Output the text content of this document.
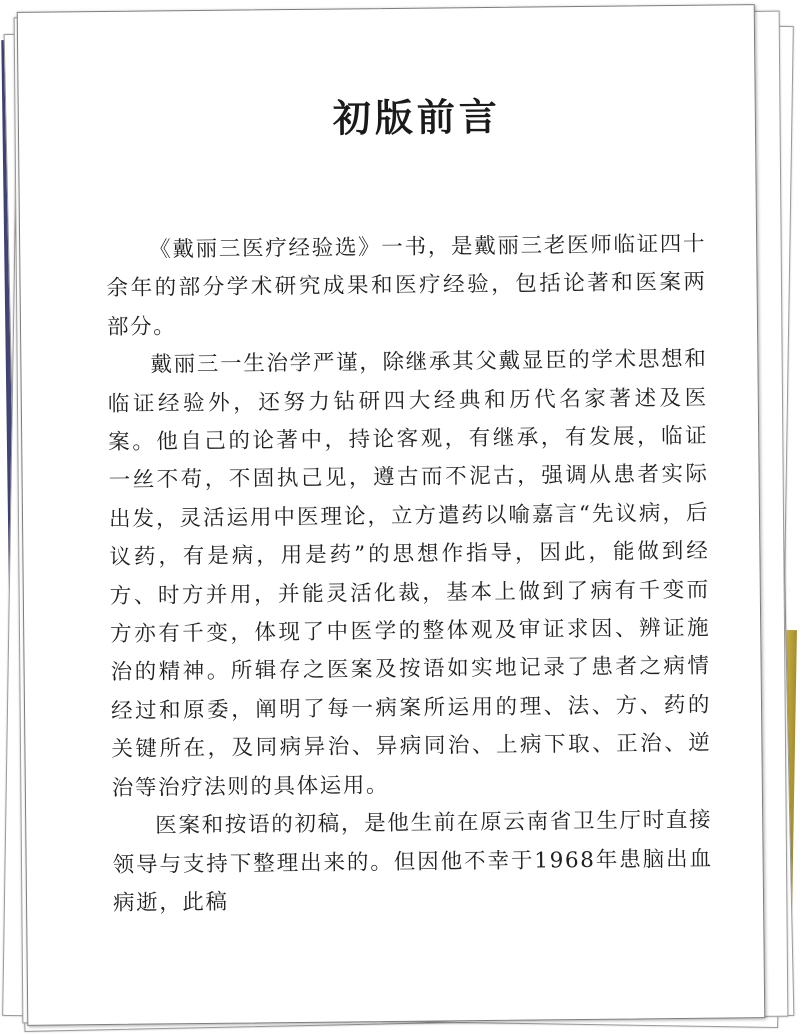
初版前言

《戴丽三医疗经验选》一书，是戴丽三老医师临证四十余年的部分学术研究成果和医疗经验，包括论著和医案两部分。

戴丽三一生治学严谨，除继承其父戴显臣的学术思想和临证经验外，还努力钻研四大经典和历代名家著述及医案。他自己的论著中，持论客观，有继承，有发展，临证一丝不苟，不固执己见，遵古而不泥古，强调从患者实际出发，灵活运用中医理论，立方遣药以喻嘉言“先议病，后议药，有是病，用是药”的思想作指导，因此，能做到经方、时方并用，并能灵活化裁，基本上做到了病有千变而方亦有千变，体现了中医学的整体观及审证求因、辨证施治的精神。所辑存之医案及按语如实地记录了患者之病情经过和原委，阐明了每一病案所运用的理、法、方、药的关键所在，及同病异治、异病同治、上病下取、正治、逆治等治疗法则的具体运用。

医案和按语的初稿，是他生前在原云南省卫生厅时直接领导与支持下整理出来的。但因他不幸于1968年患脑出血病逝，此稿
